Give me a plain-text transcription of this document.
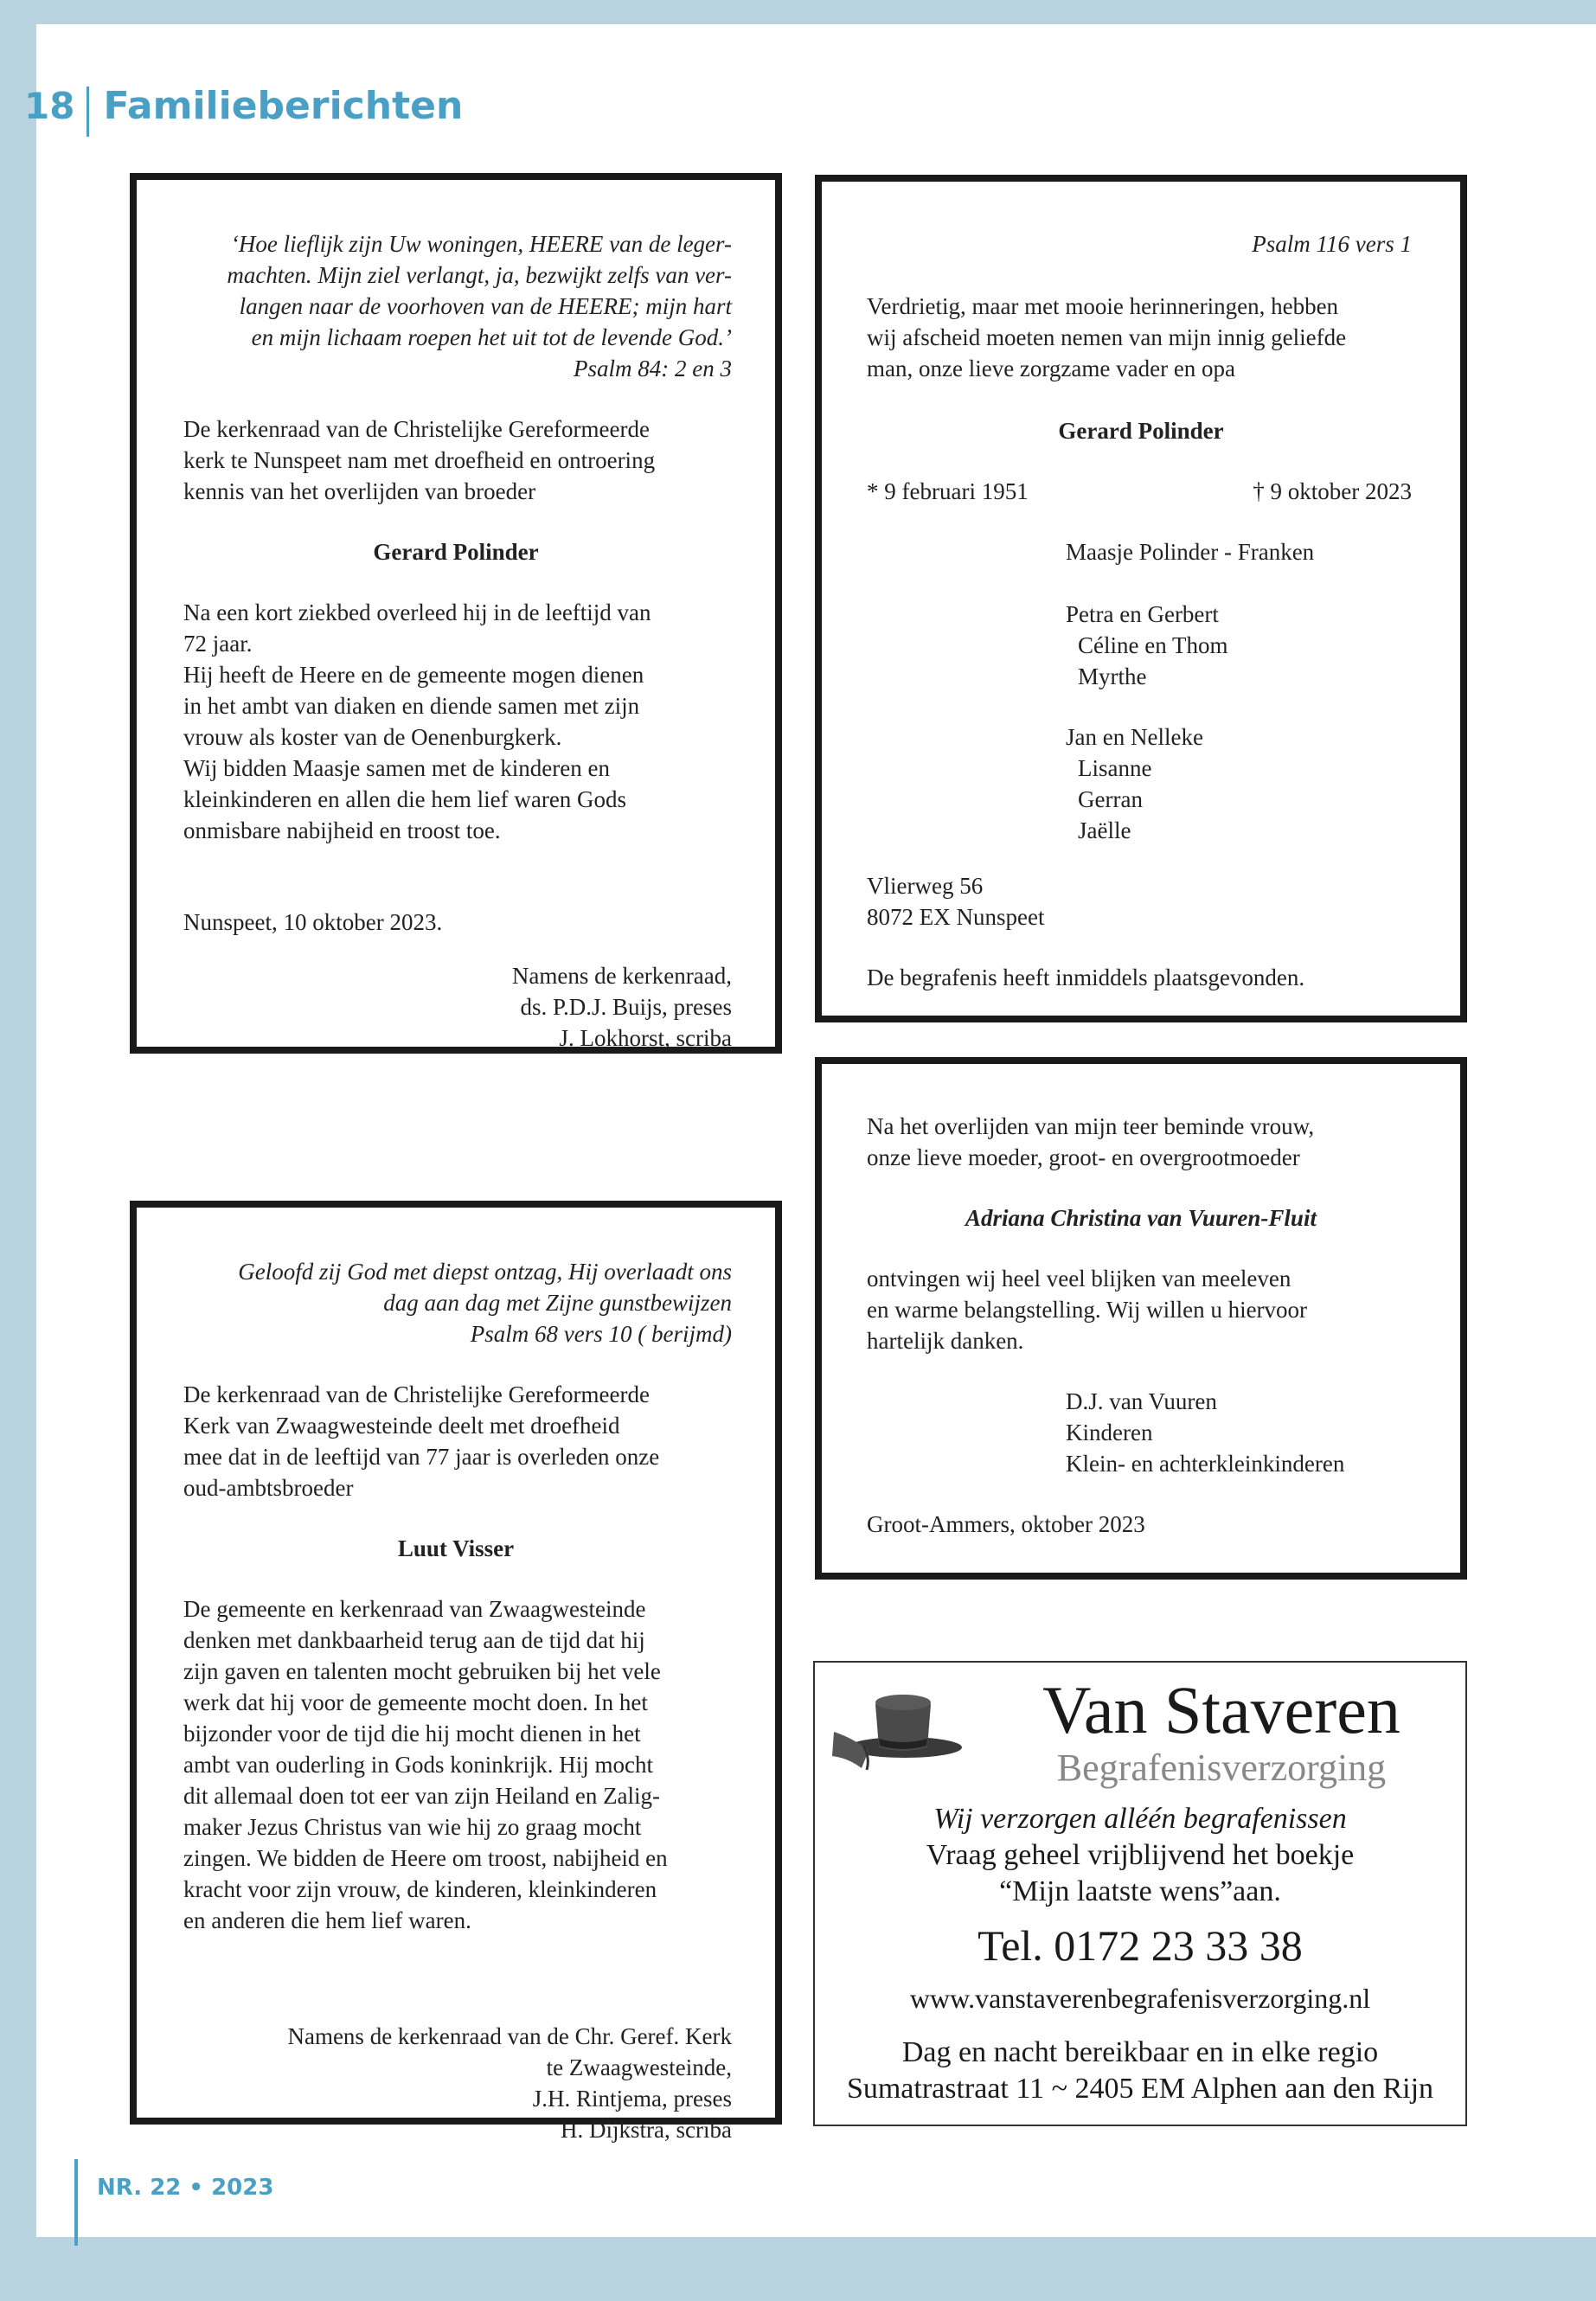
18 Familieberichten
‘Hoe lieflijk zijn Uw woningen, HEERE van de leger-
machten. Mijn ziel verlangt, ja, bezwijkt zelfs van ver-
langen naar de voorhoven van de HEERE; mijn hart
en mijn lichaam roepen het uit tot de levende God.’
Psalm 84: 2 en 3
De kerkenraad van de Christelijke Gereformeerde
kerk te Nunspeet nam met droefheid en ontroering
kennis van het overlijden van broeder
Gerard Polinder
Na een kort ziekbed overleed hij in de leeftijd van
72 jaar.
Hij heeft de Heere en de gemeente mogen dienen
in het ambt van diaken en diende samen met zijn
vrouw als koster van de Oenenburgkerk.
Wij bidden Maasje samen met de kinderen en
kleinkinderen en allen die hem lief waren Gods
onmisbare nabijheid en troost toe.
Nunspeet, 10 oktober 2023.
Namens de kerkenraad,
ds. P.D.J. Buijs, preses
J. Lokhorst, scriba
Psalm 116 vers 1
Verdrietig, maar met mooie herinneringen, hebben
wij afscheid moeten nemen van mijn innig geliefde
man, onze lieve zorgzame vader en opa
Gerard Polinder
* 9 februari 1951	† 9 oktober 2023
Maasje Polinder - Franken
Petra en Gerbert
Céline en Thom
Myrthe
Jan en Nelleke
Lisanne
Gerran
Jaëlle
Vlierweg 56
8072 EX Nunspeet
De begrafenis heeft inmiddels plaatsgevonden.
Geloofd zij God met diepst ontzag, Hij overlaadt ons
dag aan dag met Zijne gunstbewijzen
Psalm 68 vers 10 ( berijmd)
De kerkenraad van de Christelijke Gereformeerde
Kerk van Zwaagwesteinde deelt met droefheid
mee dat in de leeftijd van 77 jaar is overleden onze
oud-ambtsbroeder
Luut Visser
De gemeente en kerkenraad van Zwaagwesteinde
denken met dankbaarheid terug aan de tijd dat hij
zijn gaven en talenten mocht gebruiken bij het vele
werk dat hij voor de gemeente mocht doen. In het
bijzonder voor de tijd die hij mocht dienen in het
ambt van ouderling in Gods koninkrijk. Hij mocht
dit allemaal doen tot eer van zijn Heiland en Zalig-
maker Jezus Christus van wie hij zo graag mocht
zingen. We bidden de Heere om troost, nabijheid en
kracht voor zijn vrouw, de kinderen, kleinkinderen
en anderen die hem lief waren.
Namens de kerkenraad van de Chr. Geref. Kerk
te Zwaagwesteinde,
J.H. Rintjema, preses
H. Dijkstra, scriba
Na het overlijden van mijn teer beminde vrouw,
onze lieve moeder, groot- en overgrootmoeder
Adriana Christina van Vuuren-Fluit
ontvingen wij heel veel blijken van meeleven
en warme belangstelling. Wij willen u hiervoor
hartelijk danken.
D.J. van Vuuren
Kinderen
Klein- en achterkleinkinderen
Groot-Ammers, oktober 2023
Van Staveren
Begrafenisverzorging
Wij verzorgen alléén begrafenissen
Vraag geheel vrijblijvend het boekje
“Mijn laatste wens”aan.
Tel. 0172 23 33 38
www.vanstaverenbegrafenisverzorging.nl
Dag en nacht bereikbaar en in elke regio
Sumatrastraat 11 ~ 2405 EM Alphen aan den Rijn
NR. 22 • 2023
